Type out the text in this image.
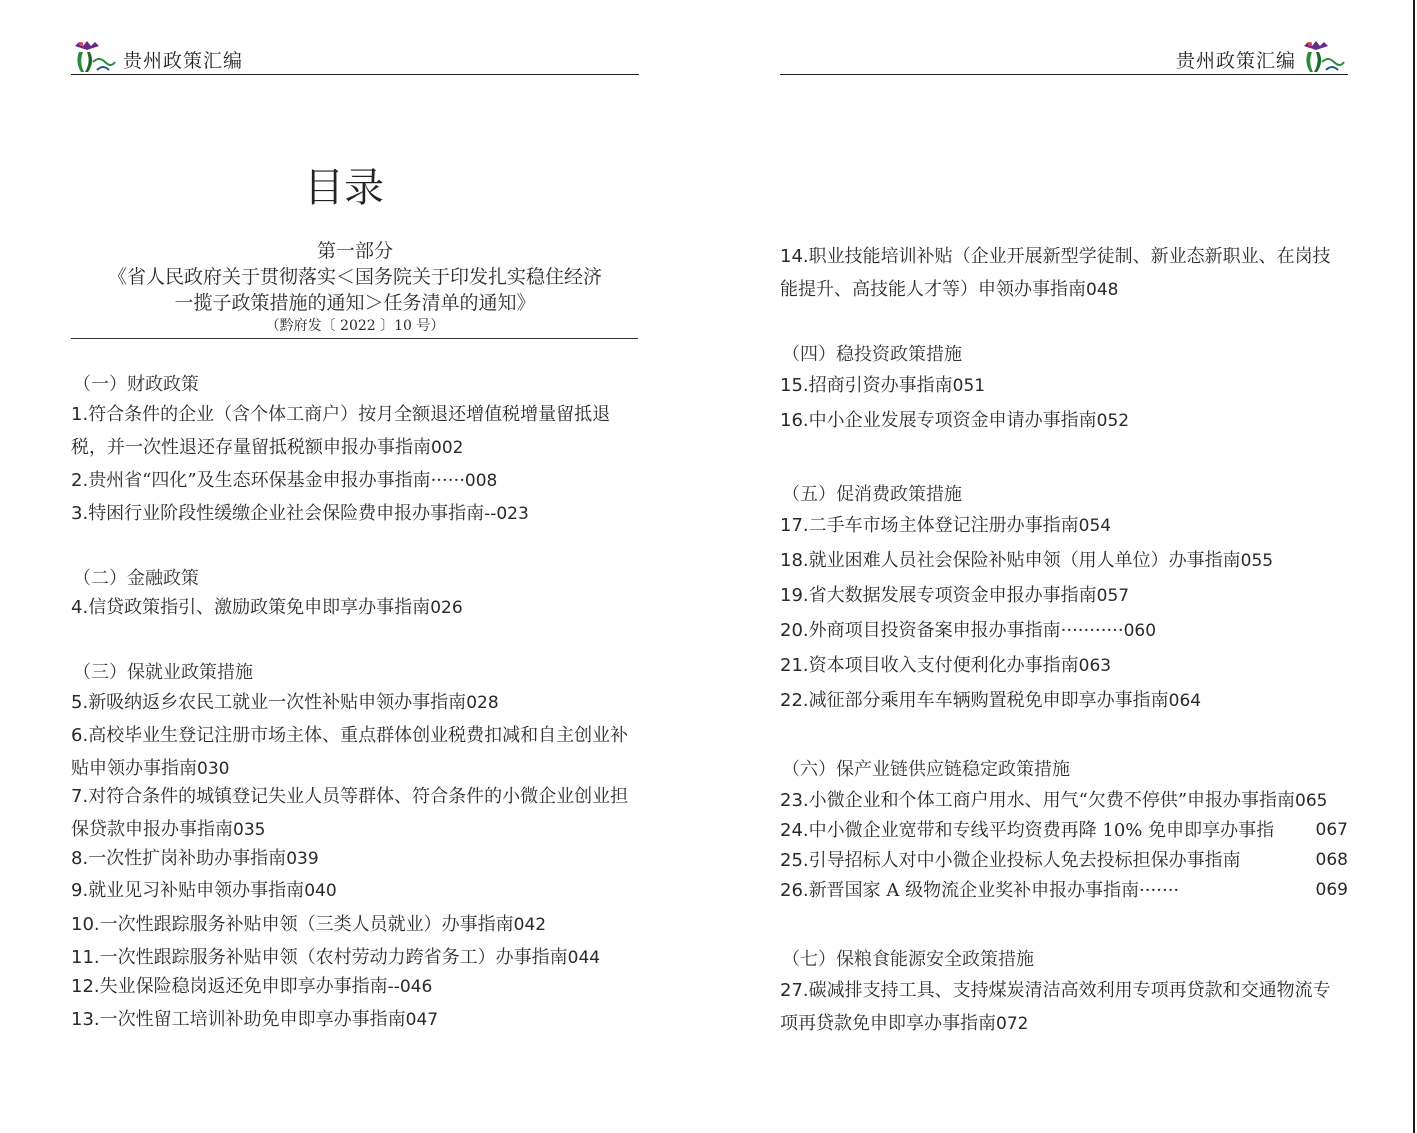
贵州政策汇编
目录
第一部分
《省人民政府关于贯彻落实＜国务院关于印发扎实稳住经济
一揽子政策措施的通知＞任务清单的通知》
（黔府发〔 2022 〕10 号）
（一）财政政策
1.符合条件的企业（含个体工商户）按月全额退还增值税增量留抵退税，并一次性退还存量留抵税额申报办事指南002
2.贵州省“四化”及生态环保基金申报办事指南······008
3.特困行业阶段性缓缴企业社会保险费申报办事指南--023
（二）金融政策
4.信贷政策指引、激励政策免申即享办事指南026
（三）保就业政策措施
5.新吸纳返乡农民工就业一次性补贴申领办事指南028
6.高校毕业生登记注册市场主体、重点群体创业税费扣减和自主创业补贴申领办事指南030
7.对符合条件的城镇登记失业人员等群体、符合条件的小微企业创业担保贷款申报办事指南035
8.一次性扩岗补助办事指南039
9.就业见习补贴申领办事指南040
10.一次性跟踪服务补贴申领（三类人员就业）办事指南042
11.一次性跟踪服务补贴申领（农村劳动力跨省务工）办事指南044
12.失业保险稳岗返还免申即享办事指南--046
13.一次性留工培训补助免申即享办事指南047
贵州政策汇编
14.职业技能培训补贴（企业开展新型学徒制、新业态新职业、在岗技能提升、高技能人才等）申领办事指南048
（四）稳投资政策措施
15.招商引资办事指南051
16.中小企业发展专项资金申请办事指南052
（五）促消费政策措施
17.二手车市场主体登记注册办事指南054
18.就业困难人员社会保险补贴申领（用人单位）办事指南055
19.省大数据发展专项资金申报办事指南057
20.外商项目投资备案申报办事指南···········060
21.资本项目收入支付便利化办事指南063
22.减征部分乘用车车辆购置税免申即享办事指南064
（六）保产业链供应链稳定政策措施
23.小微企业和个体工商户用水、用气“欠费不停供”申报办事指南065
24.中小微企业宽带和专线平均资费再降 10% 免申即享办事指 067
25.引导招标人对中小微企业投标人免去投标担保办事指南	068
26.新晋国家 A 级物流企业奖补申报办事指南·······	069
（七）保粮食能源安全政策措施
27.碳减排支持工具、支持煤炭清洁高效利用专项再贷款和交通物流专项再贷款免申即享办事指南072
